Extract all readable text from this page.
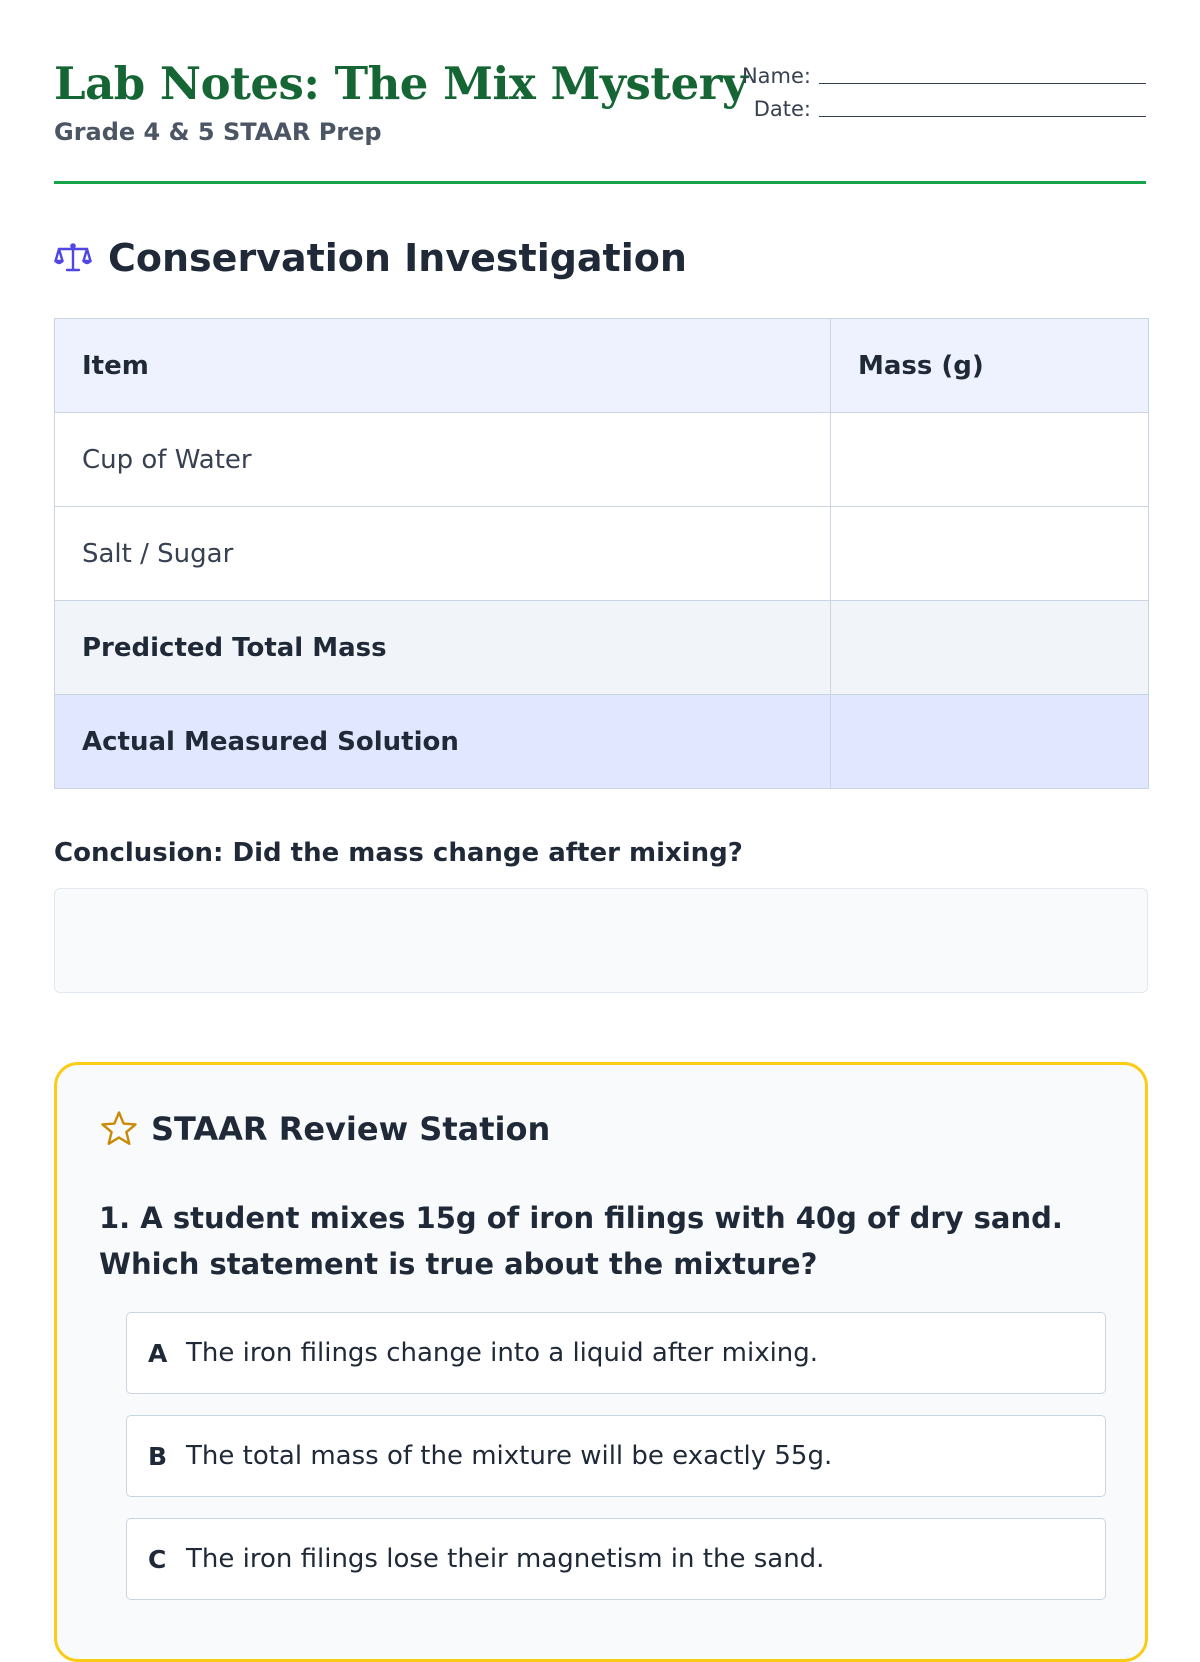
Lab Notes: The Mix Mystery
Grade 4 & 5 STAAR Prep
Name:
Date:
Conservation Investigation
Item	Mass (g)
Cup of Water	
Salt / Sugar	
Predicted Total Mass	
Actual Measured Solution	
Conclusion: Did the mass change after mixing?
STAAR Review Station

1. A student mixes 15g of iron filings with 40g of dry sand. Which statement is true about the mixture?

A The iron filings change into a liquid after mixing.
B The total mass of the mixture will be exactly 55g.
C The iron filings lose their magnetism in the sand.
